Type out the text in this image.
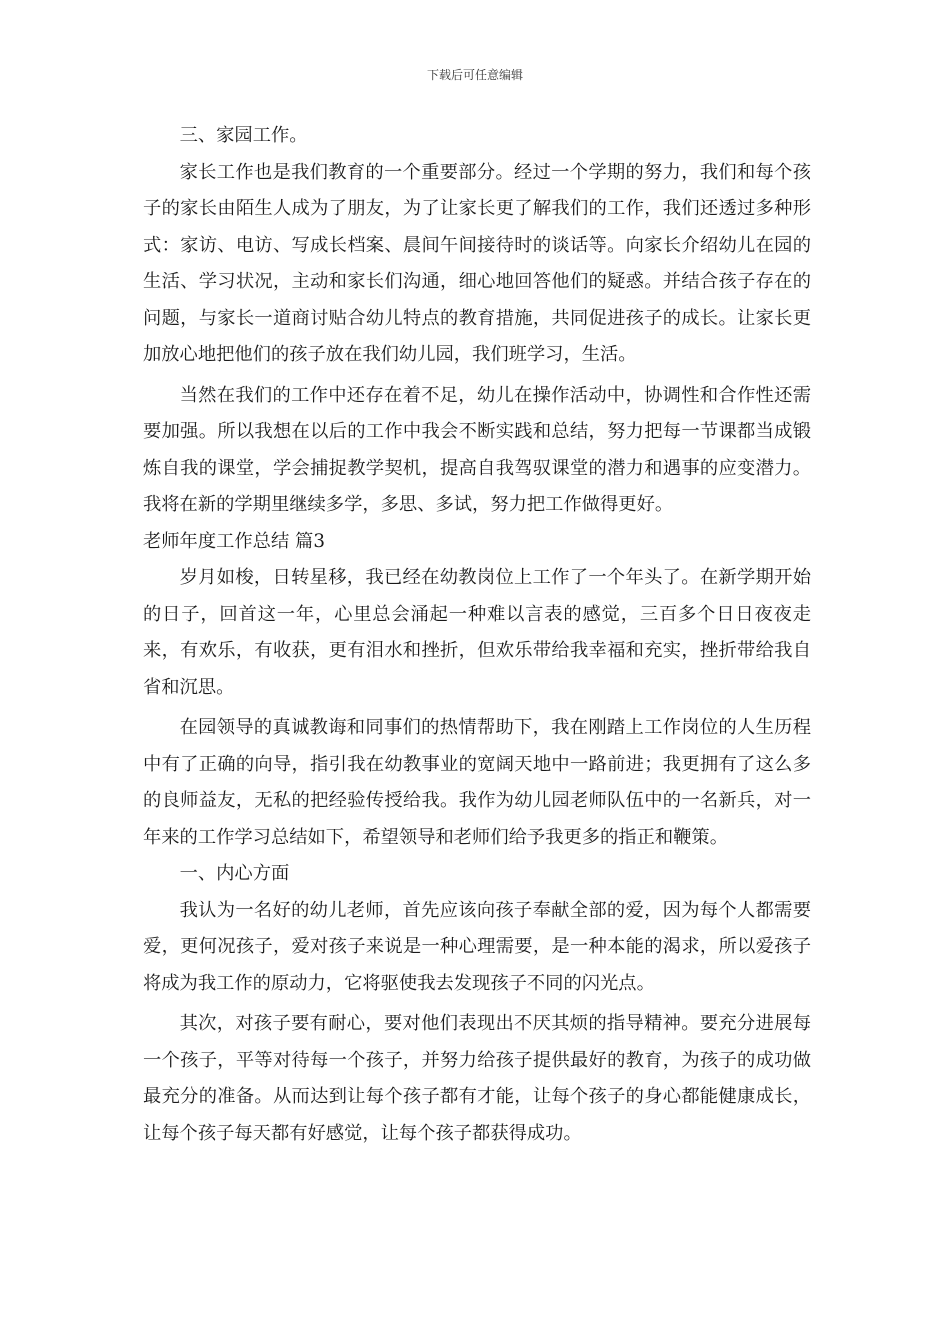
下载后可任意编辑

三、家园工作。

家长工作也是我们教育的一个重要部分。经过一个学期的努力，我们和每个孩子的家长由陌生人成为了朋友，为了让家长更了解我们的工作，我们还透过多种形式：家访、电访、写成长档案、晨间午间接待时的谈话等。向家长介绍幼儿在园的生活、学习状况，主动和家长们沟通，细心地回答他们的疑惑。并结合孩子存在的问题，与家长一道商讨贴合幼儿特点的教育措施，共同促进孩子的成长。让家长更加放心地把他们的孩子放在我们幼儿园，我们班学习，生活。

当然在我们的工作中还存在着不足，幼儿在操作活动中，协调性和合作性还需要加强。所以我想在以后的工作中我会不断实践和总结，努力把每一节课都当成锻炼自我的课堂，学会捕捉教学契机，提高自我驾驭课堂的潜力和遇事的应变潜力。我将在新的学期里继续多学，多思、多试，努力把工作做得更好。

老师年度工作总结 篇3

岁月如梭，日转星移，我已经在幼教岗位上工作了一个年头了。在新学期开始的日子，回首这一年，心里总会涌起一种难以言表的感觉，三百多个日日夜夜走来，有欢乐，有收获，更有泪水和挫折，但欢乐带给我幸福和充实，挫折带给我自省和沉思。

在园领导的真诚教诲和同事们的热情帮助下，我在刚踏上工作岗位的人生历程中有了正确的向导，指引我在幼教事业的宽阔天地中一路前进；我更拥有了这么多的良师益友，无私的把经验传授给我。我作为幼儿园老师队伍中的一名新兵，对一年来的工作学习总结如下，希望领导和老师们给予我更多的指正和鞭策。

一、内心方面

我认为一名好的幼儿老师，首先应该向孩子奉献全部的爱，因为每个人都需要爱，更何况孩子，爱对孩子来说是一种心理需要，是一种本能的渴求，所以爱孩子将成为我工作的原动力，它将驱使我去发现孩子不同的闪光点。

其次，对孩子要有耐心，要对他们表现出不厌其烦的指导精神。要充分进展每一个孩子，平等对待每一个孩子，并努力给孩子提供最好的教育，为孩子的成功做最充分的准备。从而达到让每个孩子都有才能，让每个孩子的身心都能健康成长，让每个孩子每天都有好感觉，让每个孩子都获得成功。
